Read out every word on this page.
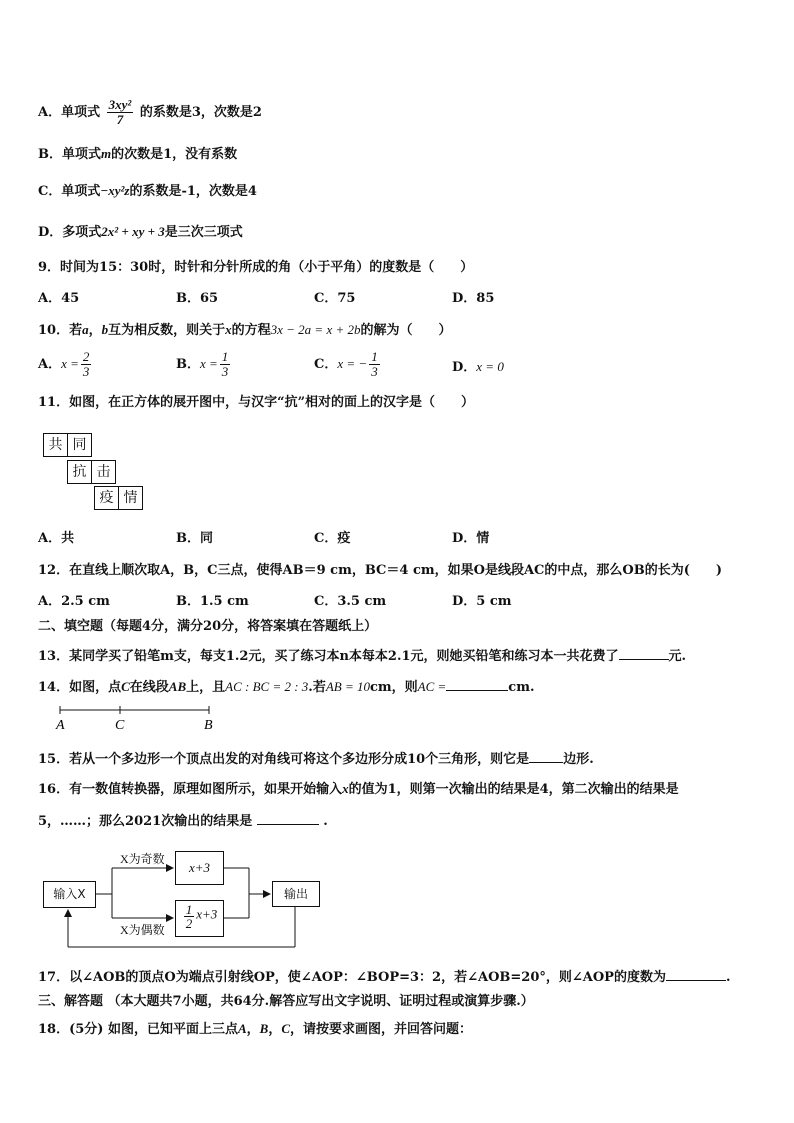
A．单项式 $\frac{\text{3xy²}}{7}$ 的系数是3，次数是2
B．单项式m的次数是1，没有系数
C．单项式−xy²z的系数是-1，次数是4
D．多项式2x² + xy + 3是三次三项式
9．时间为15：30时，时针和分针所成的角（小于平角）的度数是（　　）
A．45	B．65	C．75	D．85
10．若a，b互为相反数，则关于x的方程3x − 2a = x + 2b的解为（　　）
A．$x = \frac{2}{3}$	B．$x = \frac{1}{3}$	C．x = − $\frac{1}{3}$	D．x = 0
11．如图，在正方体的展开图中，与汉字“抗”相对的面上的汉字是（　　）
共 同
抗 击
疫 情
A．共	B．同	C．疫	D．情
12．在直线上顺次取A，B，C三点，使得AB＝9 cm，BC＝4 cm，如果O是线段AC的中点，那么OB的长为(　　)
A．2.5 cm	B．1.5 cm	C．3.5 cm	D．5 cm
二、填空题（每题4分，满分20分，将答案填在答题纸上）
13．某同学买了铅笔m支，每支1.2元，买了练习本n本每本2.1元，则她买铅笔和练习本一共花费了	元.
14．如图，点C在线段AB上，且AC : BC = 2 : 3.若AB = 10cm，则AC =	cm.
A	C	B
15．若从一个多边形一个顶点出发的对角线可将这个多边形分成10个三角形，则它是	边形.
16．有一数值转换器，原理如图所示，如果开始输入x的值为1，则第一次输出的结果是4，第二次输出的结果是
5，……；那么2021次输出的结果是	.
输入X
X为奇数
X为偶数
x+3
$\frac{1}{2} x+3$
输出
17．以∠AOB的顶点O为端点引射线OP，使∠AOP：∠BOP=3：2，若∠AOB=20°，则∠AOP的度数为	.
三、解答题 （本大题共7小题，共64分.解答应写出文字说明、证明过程或演算步骤.）
18．(5分) 如图，已知平面上三点A，B，C，请按要求画图，并回答问题：
